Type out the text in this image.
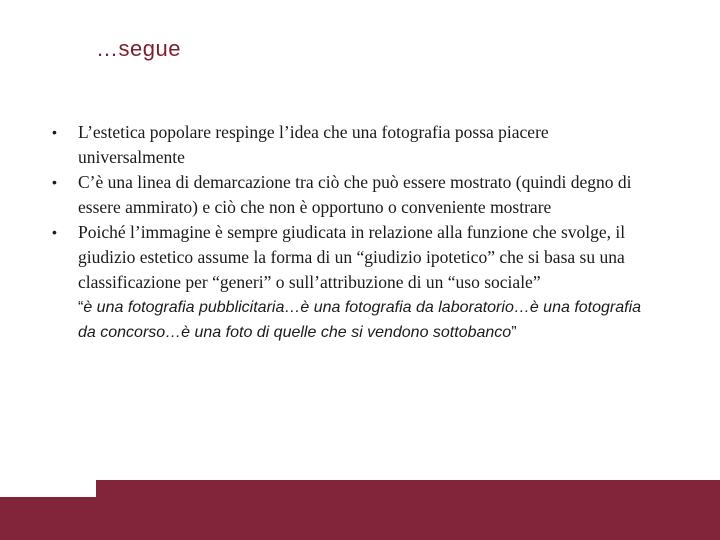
…segue
• L’estetica popolare respinge l’idea che una fotografia possa piacere universalmente
• C’è una linea di demarcazione tra ciò che può essere mostrato (quindi degno di essere ammirato) e ciò che non è opportuno o conveniente mostrare
• Poiché l’immagine è sempre giudicata in relazione alla funzione che svolge, il giudizio estetico assume la forma di un “giudizio ipotetico” che si basa su una classificazione per “generi” o sull’attribuzione di un “uso sociale”
“è una fotografia pubblicitaria…è una fotografia da laboratorio…è una fotografia da concorso…è una foto di quelle che si vendono sottobanco”
